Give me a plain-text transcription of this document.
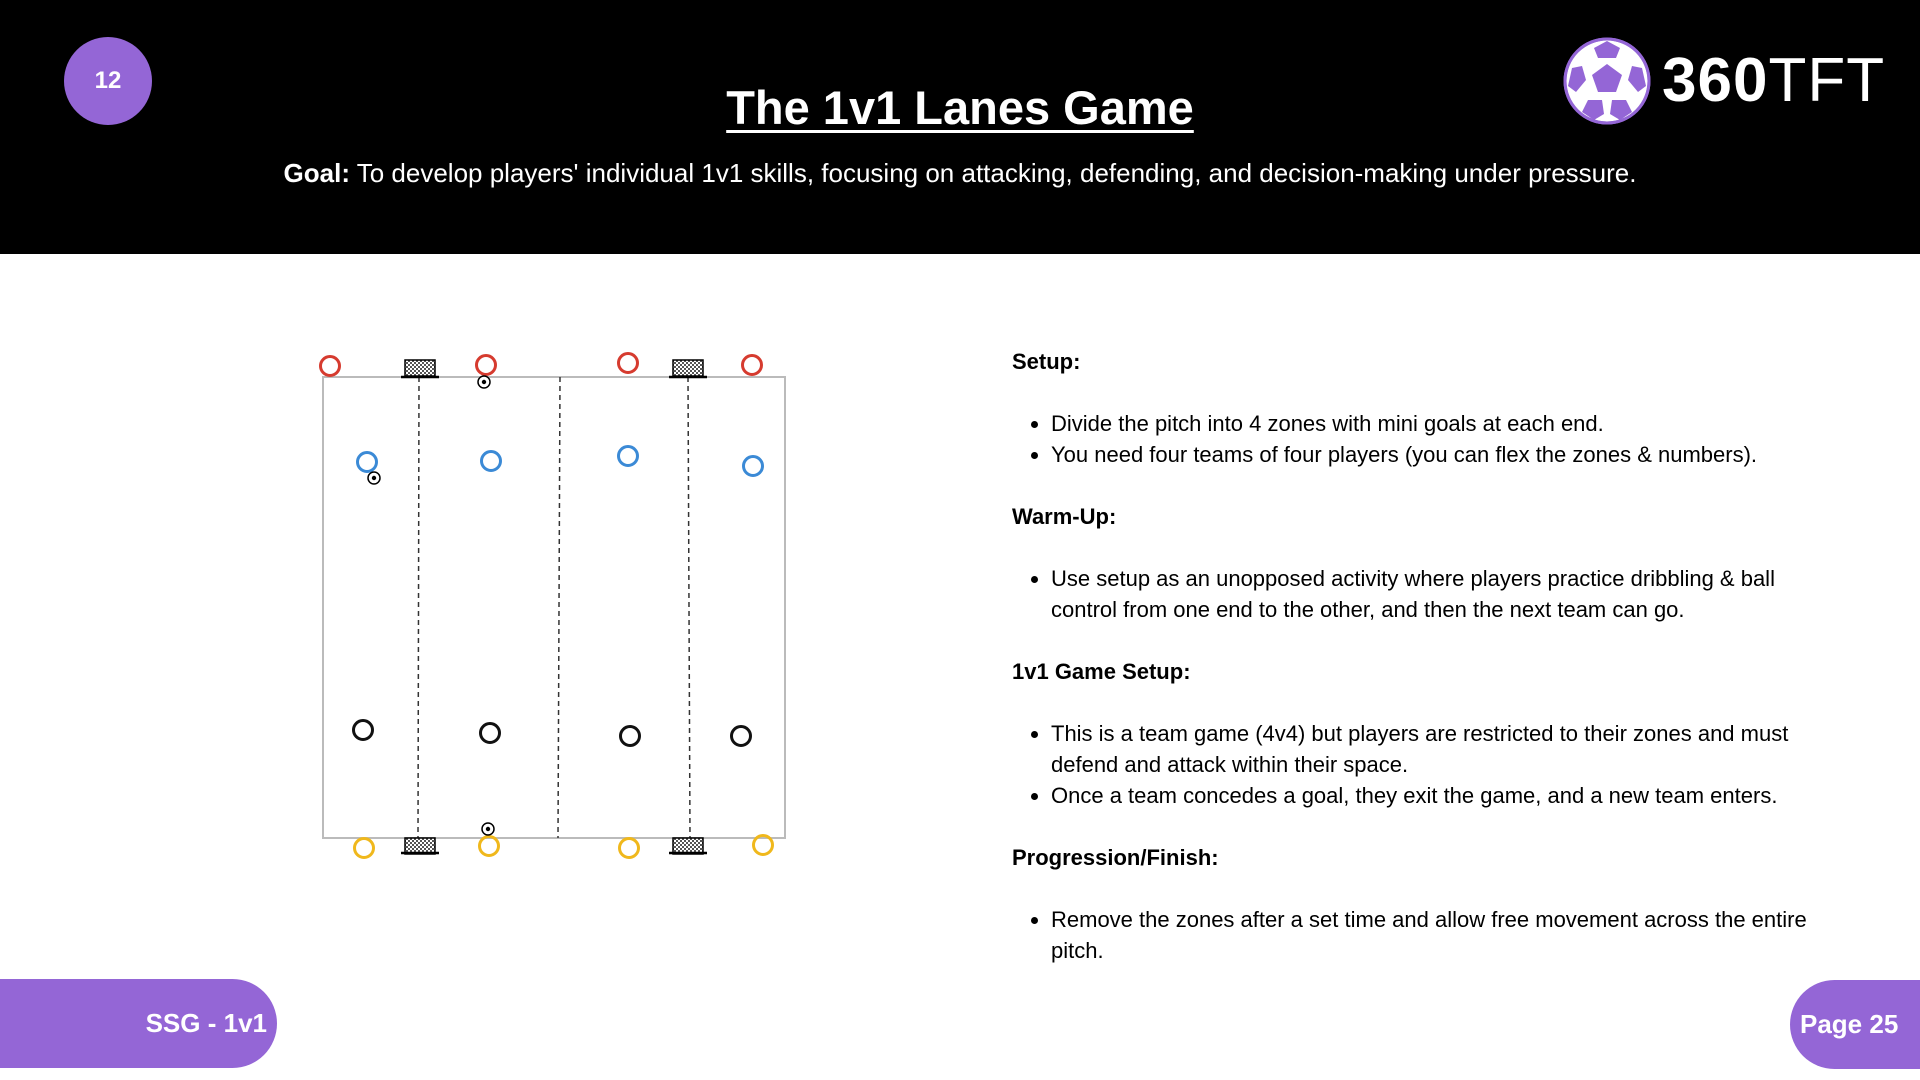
12
The 1v1 Lanes Game
Goal: To develop players' individual 1v1 skills, focusing on attacking, defending, and decision-making under pressure.
360TFT
Setup:
• Divide the pitch into 4 zones with mini goals at each end.
• You need four teams of four players (you can flex the zones & numbers).
Warm-Up:
• Use setup as an unopposed activity where players practice dribbling & ball control from one end to the other, and then the next team can go.
1v1 Game Setup:
• This is a team game (4v4) but players are restricted to their zones and must defend and attack within their space.
• Once a team concedes a goal, they exit the game, and a new team enters.
Progression/Finish:
• Remove the zones after a set time and allow free movement across the entire pitch.
SSG - 1v1	Page 25
